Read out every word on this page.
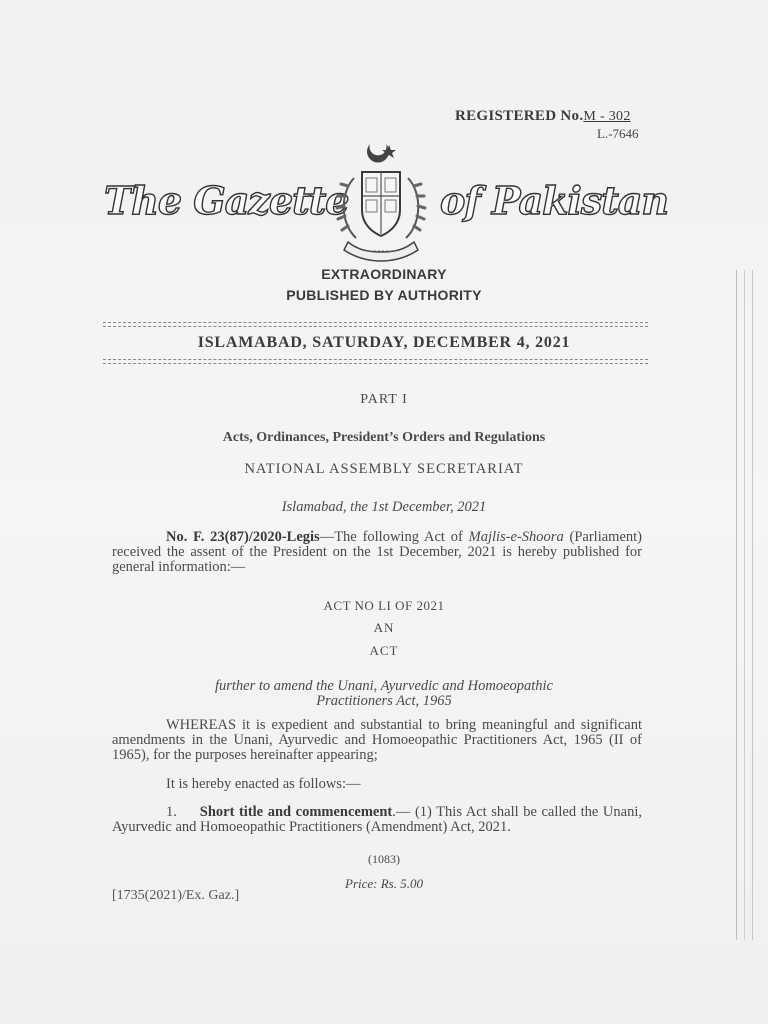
REGISTERED No.M - 302
L.-7646
The Gazette of Pakistan
EXTRAORDINARY
PUBLISHED BY AUTHORITY
ISLAMABAD, SATURDAY, DECEMBER 4, 2021
PART I
Acts, Ordinances, President’s Orders and Regulations
NATIONAL ASSEMBLY SECRETARIAT
Islamabad, the 1st December, 2021
No. F. 23(87)/2020-Legis—The following Act of Majlis-e-Shoora (Parliament) received the assent of the President on the 1st December, 2021 is hereby published for general information:—
ACT NO LI OF 2021
AN
ACT
further to amend the Unani, Ayurvedic and Homoeopathic
Practitioners Act, 1965
WHEREAS it is expedient and substantial to bring meaningful and significant amendments in the Unani, Ayurvedic and Homoeopathic Practitioners Act, 1965 (II of 1965), for the purposes hereinafter appearing;
It is hereby enacted as follows:—
1. Short title and commencement.— (1) This Act shall be called the Unani, Ayurvedic and Homoeopathic Practitioners (Amendment) Act, 2021.
(1083)
Price: Rs. 5.00
[1735(2021)/Ex. Gaz.]
